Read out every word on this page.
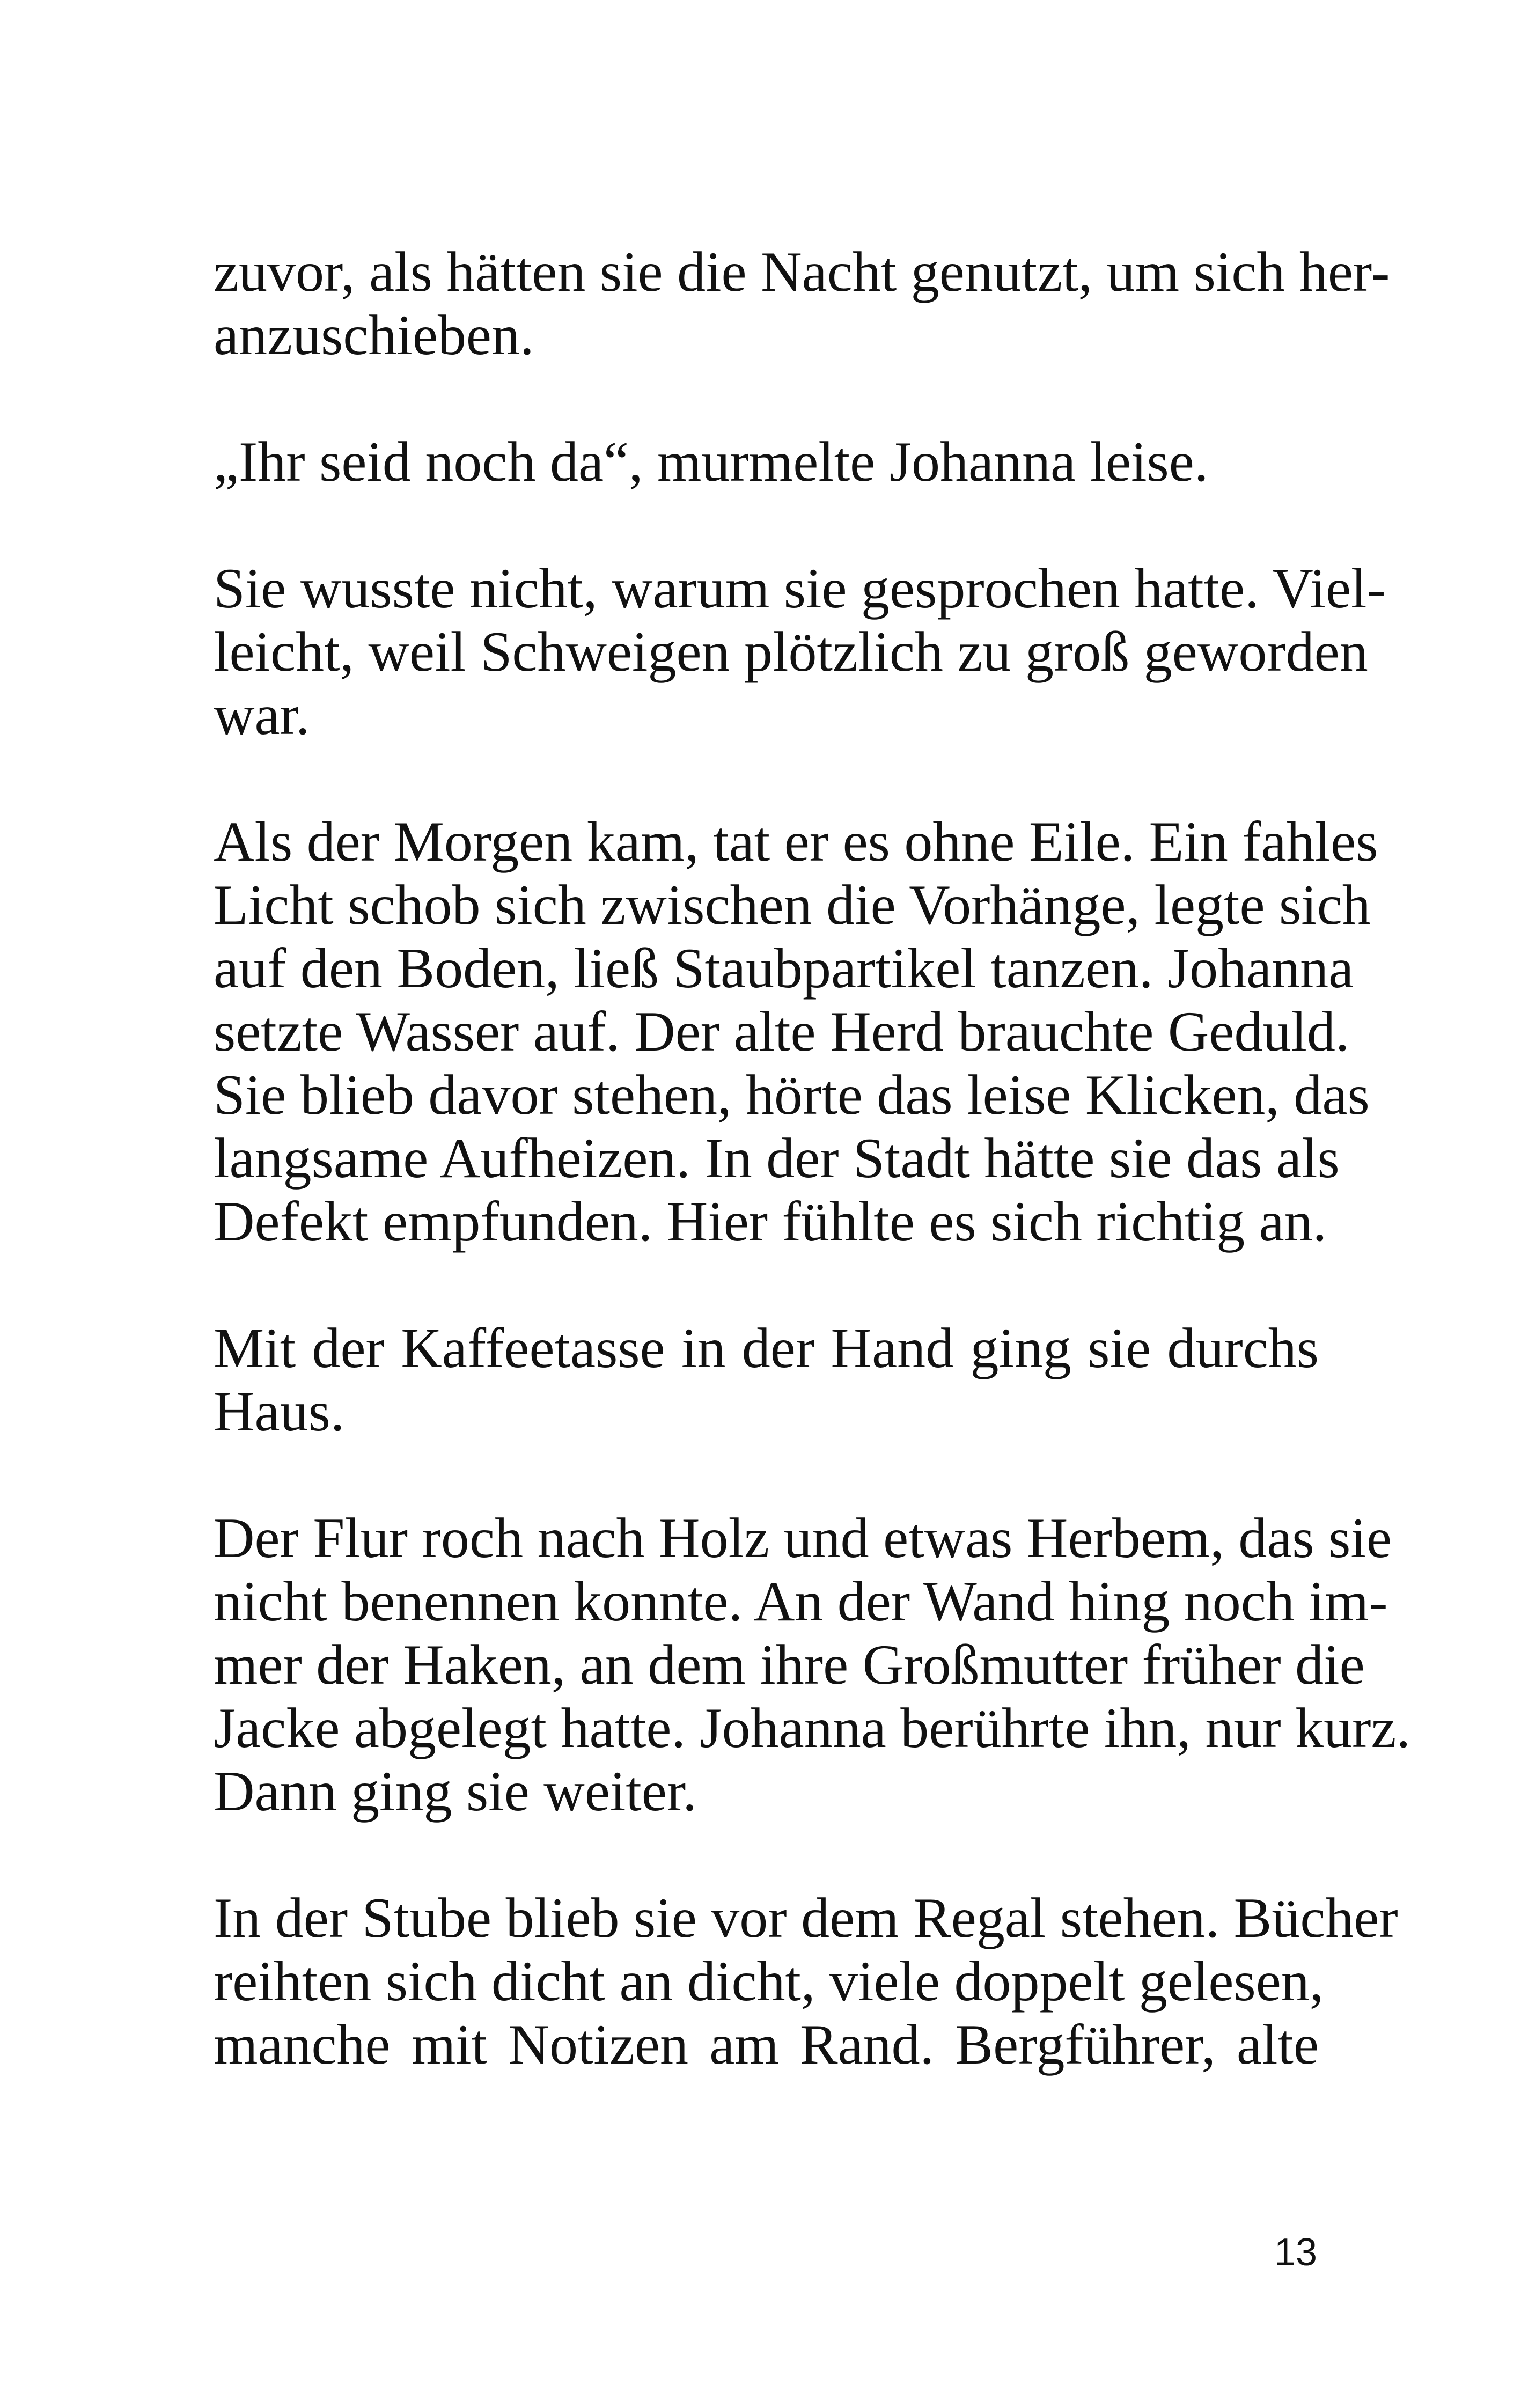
zuvor, als hätten sie die Nacht genutzt, um sich her-
anzuschieben.
„Ihr seid noch da“, murmelte Johanna leise.
Sie wusste nicht, warum sie gesprochen hatte. Viel-
leicht, weil Schweigen plötzlich zu groß geworden
war.
Als der Morgen kam, tat er es ohne Eile. Ein fahles
Licht schob sich zwischen die Vorhänge, legte sich
auf den Boden, ließ Staubpartikel tanzen. Johanna
setzte Wasser auf. Der alte Herd brauchte Geduld.
Sie blieb davor stehen, hörte das leise Klicken, das
langsame Aufheizen. In der Stadt hätte sie das als
Defekt empfunden. Hier fühlte es sich richtig an.
Mit der Kaffeetasse in der Hand ging sie durchs
Haus.
Der Flur roch nach Holz und etwas Herbem, das sie
nicht benennen konnte. An der Wand hing noch im-
mer der Haken, an dem ihre Großmutter früher die
Jacke abgelegt hatte. Johanna berührte ihn, nur kurz.
Dann ging sie weiter.
In der Stube blieb sie vor dem Regal stehen. Bücher
reihten sich dicht an dicht, viele doppelt gelesen,
manche mit Notizen am Rand. Bergführer, alte
13
